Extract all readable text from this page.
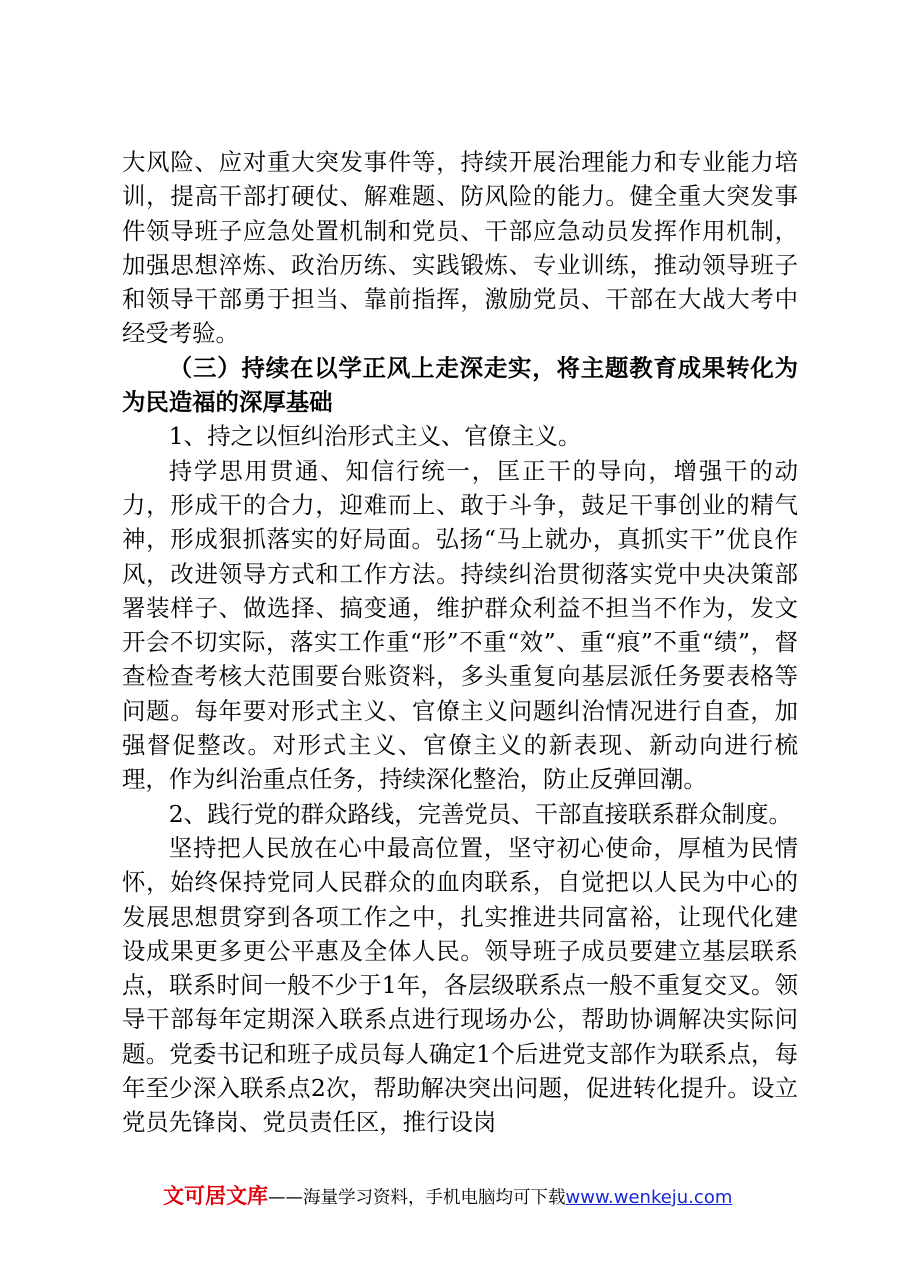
大风险、应对重大突发事件等，持续开展治理能力和专业能力培训，提高干部打硬仗、解难题、防风险的能力。健全重大突发事件领导班子应急处置机制和党员、干部应急动员发挥作用机制，加强思想淬炼、政治历练、实践锻炼、专业训练，推动领导班子和领导干部勇于担当、靠前指挥，激励党员、干部在大战大考中经受考验。

（三）持续在以学正风上走深走实，将主题教育成果转化为为民造福的深厚基础

1、持之以恒纠治形式主义、官僚主义。

持学思用贯通、知信行统一，匡正干的导向，增强干的动力，形成干的合力，迎难而上、敢于斗争，鼓足干事创业的精气神，形成狠抓落实的好局面。弘扬“马上就办，真抓实干”优良作风，改进领导方式和工作方法。持续纠治贯彻落实党中央决策部署装样子、做选择、搞变通，维护群众利益不担当不作为，发文开会不切实际，落实工作重“形”不重“效”、重“痕”不重“绩”，督查检查考核大范围要台账资料，多头重复向基层派任务要表格等问题。每年要对形式主义、官僚主义问题纠治情况进行自查，加强督促整改。对形式主义、官僚主义的新表现、新动向进行梳理，作为纠治重点任务，持续深化整治，防止反弹回潮。

2、践行党的群众路线，完善党员、干部直接联系群众制度。

坚持把人民放在心中最高位置，坚守初心使命，厚植为民情怀，始终保持党同人民群众的血肉联系，自觉把以人民为中心的发展思想贯穿到各项工作之中，扎实推进共同富裕，让现代化建设成果更多更公平惠及全体人民。领导班子成员要建立基层联系点，联系时间一般不少于1年，各层级联系点一般不重复交叉。领导干部每年定期深入联系点进行现场办公，帮助协调解决实际问题。党委书记和班子成员每人确定1个后进党支部作为联系点，每年至少深入联系点2次，帮助解决突出问题，促进转化提升。设立党员先锋岗、党员责任区，推行设岗

文可居文库——海量学习资料，手机电脑均可下载www.wenkeju.com
